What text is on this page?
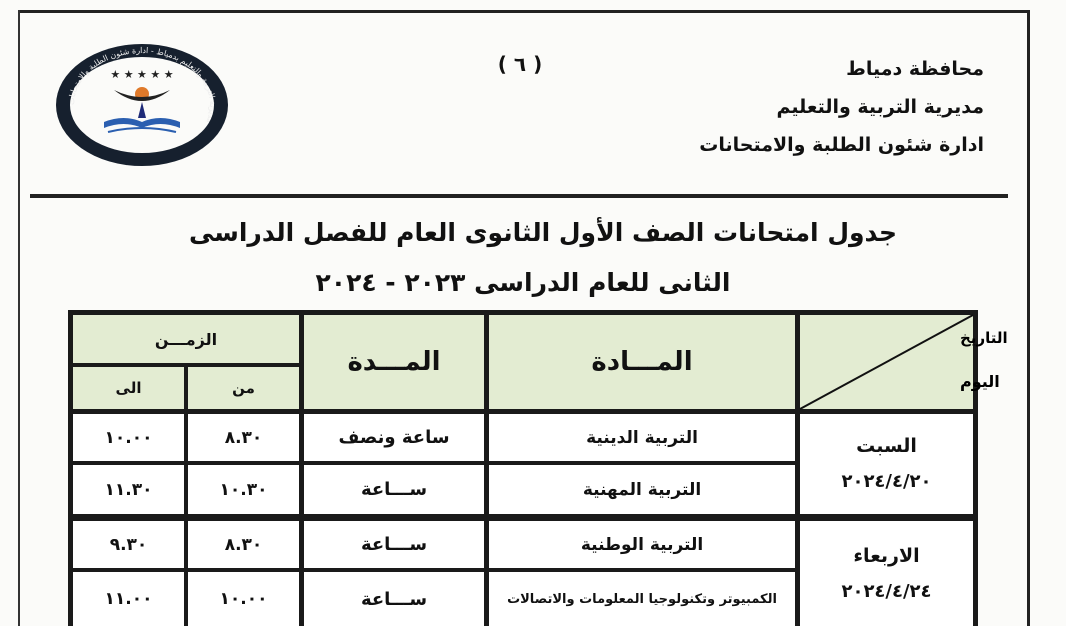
( ٦ )	محافظة دمياط
مديرية التربية والتعليم
ادارة شئون الطلبة والامتحانات
مديرية التربية والتعليم بدمياط - ادارة شئون الطلبة والامتحانات
★ ★ ★ ★ ★
جدول امتحانات الصف الأول الثانوى العام للفصل الدراسى
الثانى للعام الدراسى ٢٠٢٣ - ٢٠٢٤
التاريخ
اليوم
المـــادة
المـــدة
الزمـــن
من
الى
السبت
٢٠٢٤/٤/٢٠
التربية الدينية
ساعة ونصف
٨.٣٠
١٠.٠٠
التربية المهنية
ســـاعة
١٠.٣٠
١١.٣٠
الاربعاء
٢٠٢٤/٤/٢٤
التربية الوطنية
ســـاعة
٨.٣٠
٩.٣٠
الكمبيوتر وتكنولوجيا المعلومات والاتصالات
ســـاعة
١٠.٠٠
١١.٠٠
